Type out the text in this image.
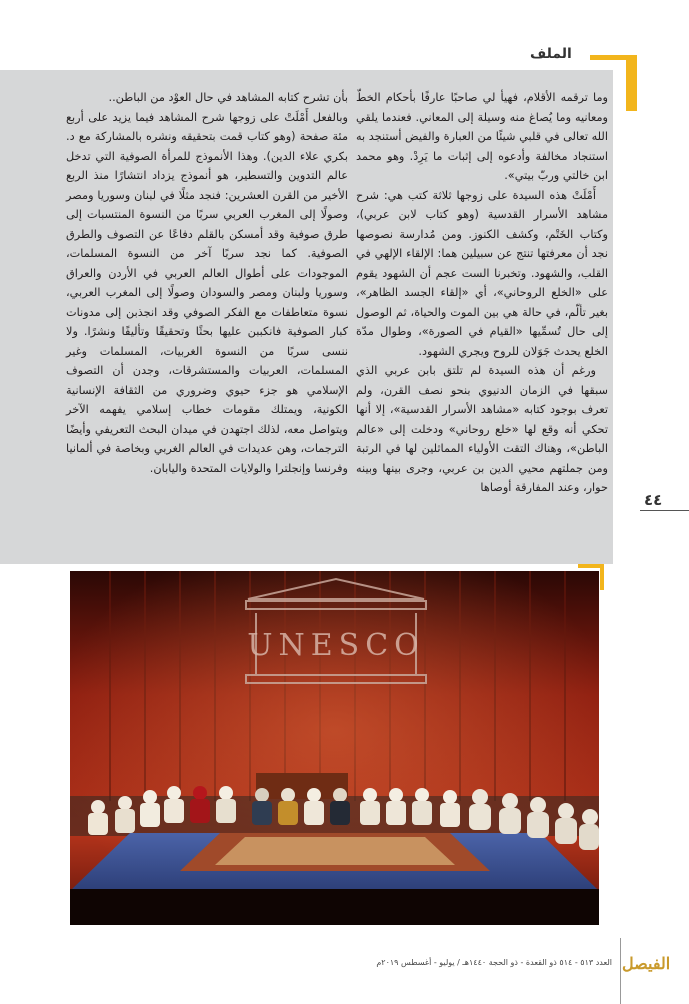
الملف

وما ترقمه الأقلام، فهيأ لي صاحبًا عارفًا بأحكام الخطّ ومعانيه وما يُصاغ منه وسيلة إلى المعاني. فعندما يلقي الله تعالى في قلبي شيئًا من العبارة والفيض أستنجد به استنجاد مخالفة وأدعوه إلى إثبات ما يَرِدْ. وهو محمد ابن خالتي وربّ بيتي».

أَمْلَتْ هذه السيدة على زوجها ثلاثة كتب هي: شرح مشاهد الأسرار القدسية (وهو كتاب لابن عربي)، وكتاب الخَتْم، وكشف الكنوز. ومن مُدارسة نصوصها نجد أن معرفتها تنتج عن سبيلين هما: الإلقاء الإلهي في القلب، والشهود. وتخبرنا الست عجم أن الشهود يقوم على «الخلع الروحاني»، أي «إلقاء الجسد الظاهر»، بغير تألّم، في حالة هي بين الموت والحياة، ثم الوصول إلى حال تُسمِّيها «القيام في الصورة»، وطوال مدّة الخلع يحدث جَوَلان للروح ويجري الشهود.

ورغم أن هذه السيدة لم تلتق بابن عربي الذي سبقها في الزمان الدنيوي بنحو نصف القرن، ولم تعرف بوجود كتابه «مشاهد الأسرار القدسية»، إلا أنها تحكي أنه وقع لها «خلع روحاني» ودخلت إلى «عالم الباطن»، وهناك التقت الأولياء المماثلين لها في الرتبة ومن جملتهم محيي الدين بن عربي، وجرى بينها وبينه حوار، وعند المفارقة أوصاها

بأن تشرح كتابه المشاهد في حال العوْد من الباطن..

وبالفعل أَمْلَتْ على زوجها شرح المشاهد فيما يزيد على أربع مئة صفحة (وهو كتاب قمت بتحقيقه ونشره بالمشاركة مع د. بكري علاء الدين). وهذا الأنموذج للمرأة الصوفية التي تدخل عالم التدوين والتسطير، هو أنموذج يزداد انتشارًا منذ الربع الأخير من القرن العشرين: فنجد مثلًا في لبنان وسوريا ومصر وصولًا إلى المغرب العربي سربًا من النسوة المنتسبات إلى طرق صوفية وقد أمسكن بالقلم دفاعًا عن التصوف والطرق الصوفية. كما نجد سربًا آخر من النسوة المسلمات، الموجودات على أطوال العالم العربي في الأردن والعراق وسوريا ولبنان ومصر والسودان وصولًا إلى المغرب العربي، نسوة متعاطفات مع الفكر الصوفي وقد انجذبن إلى مدونات كبار الصوفية فانكببن عليها بحثًا وتحقيقًا وتأليفًا ونشرًا. ولا ننسى سربًا من النسوة الغربيات، المسلمات وغير المسلمات، العربيات والمستشرقات، وجدن أن التصوف الإسلامي هو جزء حيوي وضروري من الثقافة الإنسانية الكونية، ويمتلك مقومات خطاب إسلامي يفهمه الآخر ويتواصل معه، لذلك اجتهدن في ميدان البحث التعريفي وأيضًا الترجمات، وهن عديدات في العالم الغربي وبخاصة في ألمانيا وفرنسا وإنجلترا والولايات المتحدة واليابان.

٤٤
UNESCO
العدد ٥١٣ - ٥١٤ ذو القعدة - ذو الحجة ١٤٤٠هـ / يوليو - أغسطس ٢٠١٩م الفيصل
